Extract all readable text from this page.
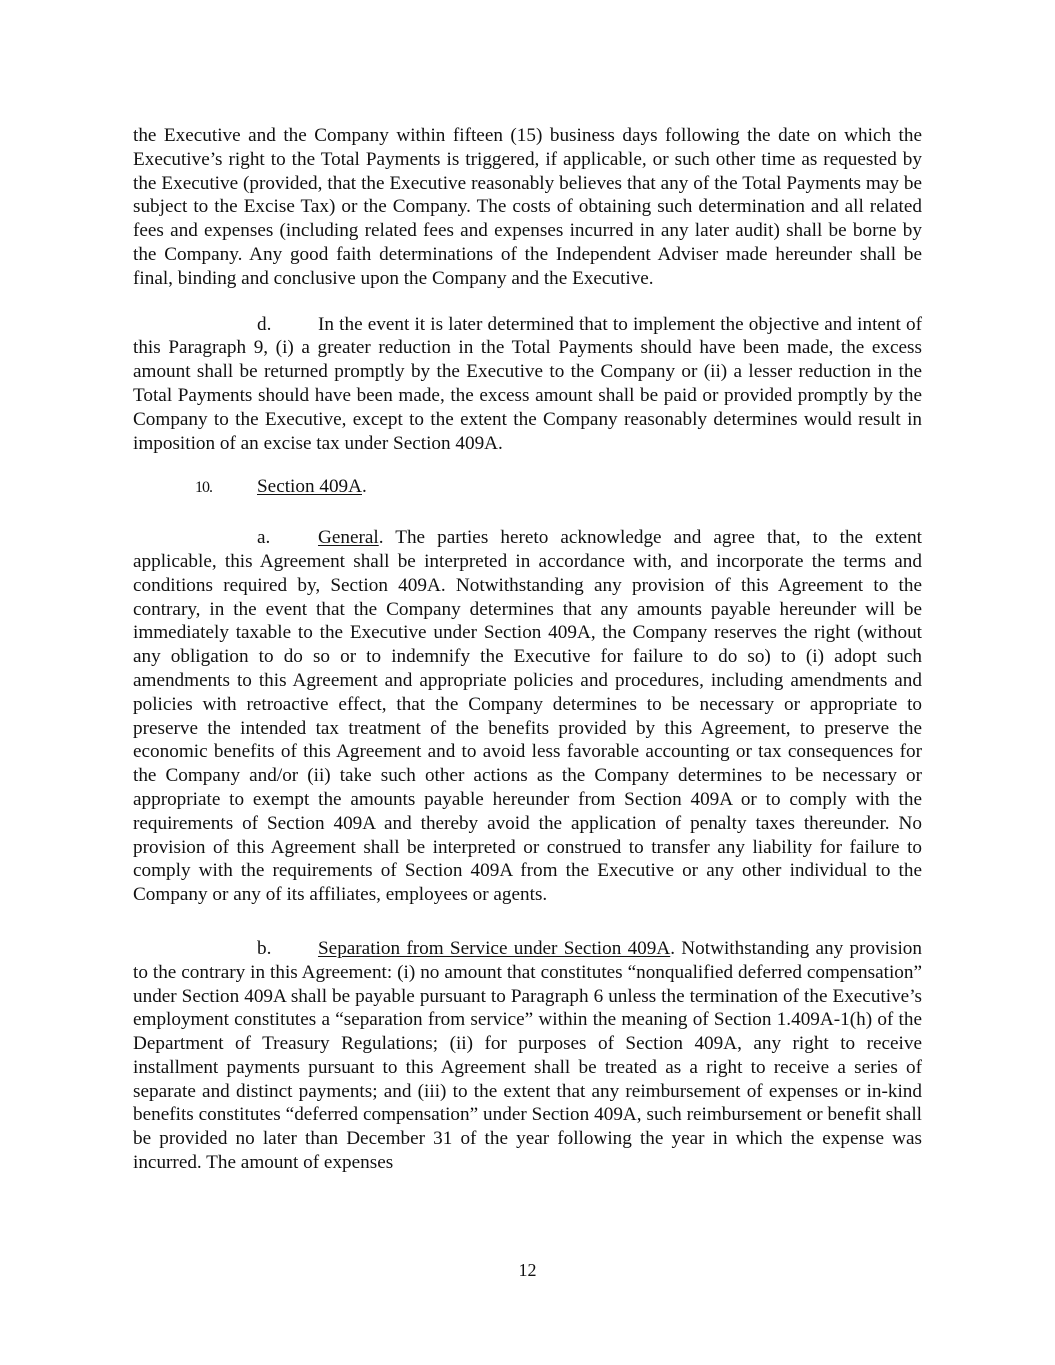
the Executive and the Company within fifteen (15) business days following the date on which the Executive’s right to the Total Payments is triggered, if applicable, or such other time as requested by the Executive (provided, that the Executive reasonably believes that any of the Total Payments may be subject to the Excise Tax) or the Company. The costs of obtaining such determination and all related fees and expenses (including related fees and expenses incurred in any later audit) shall be borne by the Company. Any good faith determinations of the Independent Adviser made hereunder shall be final, binding and conclusive upon the Company and the Executive.

d. In the event it is later determined that to implement the objective and intent of this Paragraph 9, (i) a greater reduction in the Total Payments should have been made, the excess amount shall be returned promptly by the Executive to the Company or (ii) a lesser reduction in the Total Payments should have been made, the excess amount shall be paid or provided promptly by the Company to the Executive, except to the extent the Company reasonably determines would result in imposition of an excise tax under Section 409A.

10. Section 409A.

a. General. The parties hereto acknowledge and agree that, to the extent applicable, this Agreement shall be interpreted in accordance with, and incorporate the terms and conditions required by, Section 409A. Notwithstanding any provision of this Agreement to the contrary, in the event that the Company determines that any amounts payable hereunder will be immediately taxable to the Executive under Section 409A, the Company reserves the right (without any obligation to do so or to indemnify the Executive for failure to do so) to (i) adopt such amendments to this Agreement and appropriate policies and procedures, including amendments and policies with retroactive effect, that the Company determines to be necessary or appropriate to preserve the intended tax treatment of the benefits provided by this Agreement, to preserve the economic benefits of this Agreement and to avoid less favorable accounting or tax consequences for the Company and/or (ii) take such other actions as the Company determines to be necessary or appropriate to exempt the amounts payable hereunder from Section 409A or to comply with the requirements of Section 409A and thereby avoid the application of penalty taxes thereunder. No provision of this Agreement shall be interpreted or construed to transfer any liability for failure to comply with the requirements of Section 409A from the Executive or any other individual to the Company or any of its affiliates, employees or agents.

b. Separation from Service under Section 409A. Notwithstanding any provision to the contrary in this Agreement: (i) no amount that constitutes “nonqualified deferred compensation” under Section 409A shall be payable pursuant to Paragraph 6 unless the termination of the Executive’s employment constitutes a “separation from service” within the meaning of Section 1.409A-1(h) of the Department of Treasury Regulations; (ii) for purposes of Section 409A, any right to receive installment payments pursuant to this Agreement shall be treated as a right to receive a series of separate and distinct payments; and (iii) to the extent that any reimbursement of expenses or in-kind benefits constitutes “deferred compensation” under Section 409A, such reimbursement or benefit shall be provided no later than December 31 of the year following the year in which the expense was incurred. The amount of expenses

12
